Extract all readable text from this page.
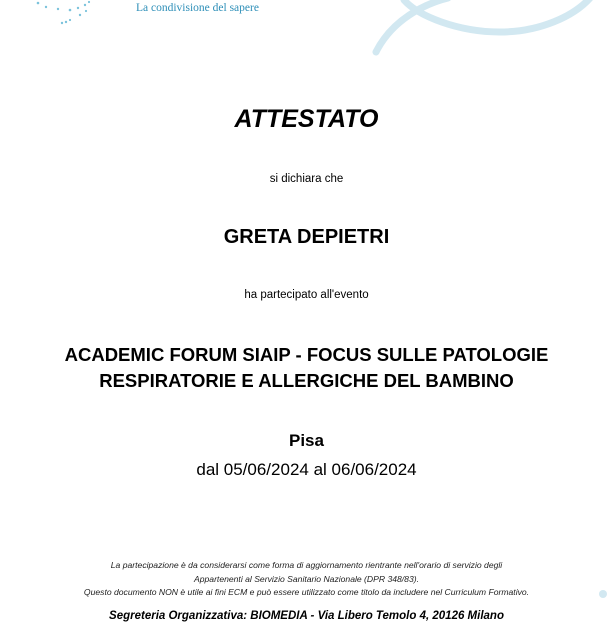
La condivisione del sapere
ATTESTATO
si dichiara che
GRETA DEPIETRI
ha partecipato all'evento
ACADEMIC FORUM SIAIP - FOCUS SULLE PATOLOGIE
RESPIRATORIE E ALLERGICHE DEL BAMBINO
Pisa
dal 05/06/2024 al 06/06/2024
La partecipazione è da considerarsi come forma di aggiornamento rientrante nell'orario di servizio degli
Appartenenti al Servizio Sanitario Nazionale (DPR 348/83).
Questo documento NON è utile ai fini ECM e può essere utilizzato come titolo da includere nel Curriculum Formativo.
Segreteria Organizzativa: BIOMEDIA - Via Libero Temolo 4, 20126 Milano
